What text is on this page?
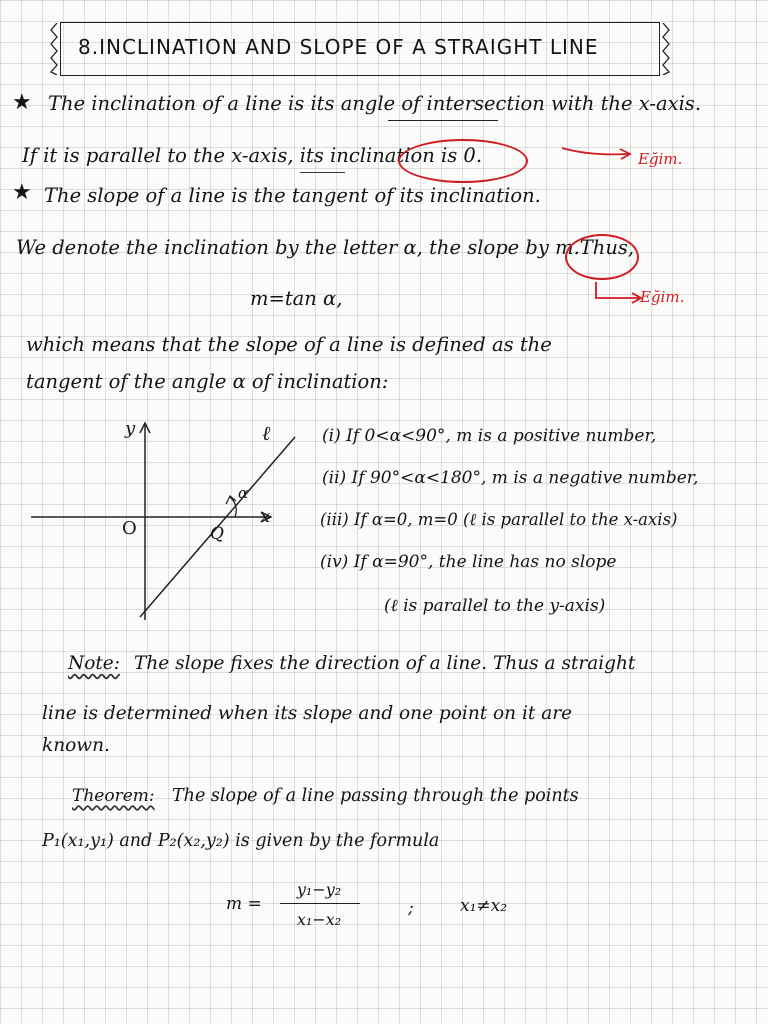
8.INCLINATION AND SLOPE OF A STRAIGHT LINE
★ The inclination of a line is its angle of intersection with the x-axis.
If it is parallel to the x-axis, its inclination is 0.	Eğim.
★ The slope of a line is the tangent of its inclination.
We denote the inclination by the letter α, the slope by m.Thus,
m=tan α,	Eğim.
which means that the slope of a line is defined as the
tangent of the angle α of inclination:
y
x
O	Q
ℓ
α
(i) If 0<α<90°, m is a positive number,
(ii) If 90°<α<180°, m is a negative number,
(iii) If α=0, m=0 (ℓ is parallel to the x-axis)
(iv) If α=90°, the line has no slope
(ℓ is parallel to the y-axis)
Note: The slope fixes the direction of a line. Thus a straight
line is determined when its slope and one point on it are
known.
Theorem: The slope of a line passing through the points
P₁(x₁,y₁) and P₂(x₂,y₂) is given by the formula
m =
y₁−y₂
x₁−x₂
;	x₁≠x₂
